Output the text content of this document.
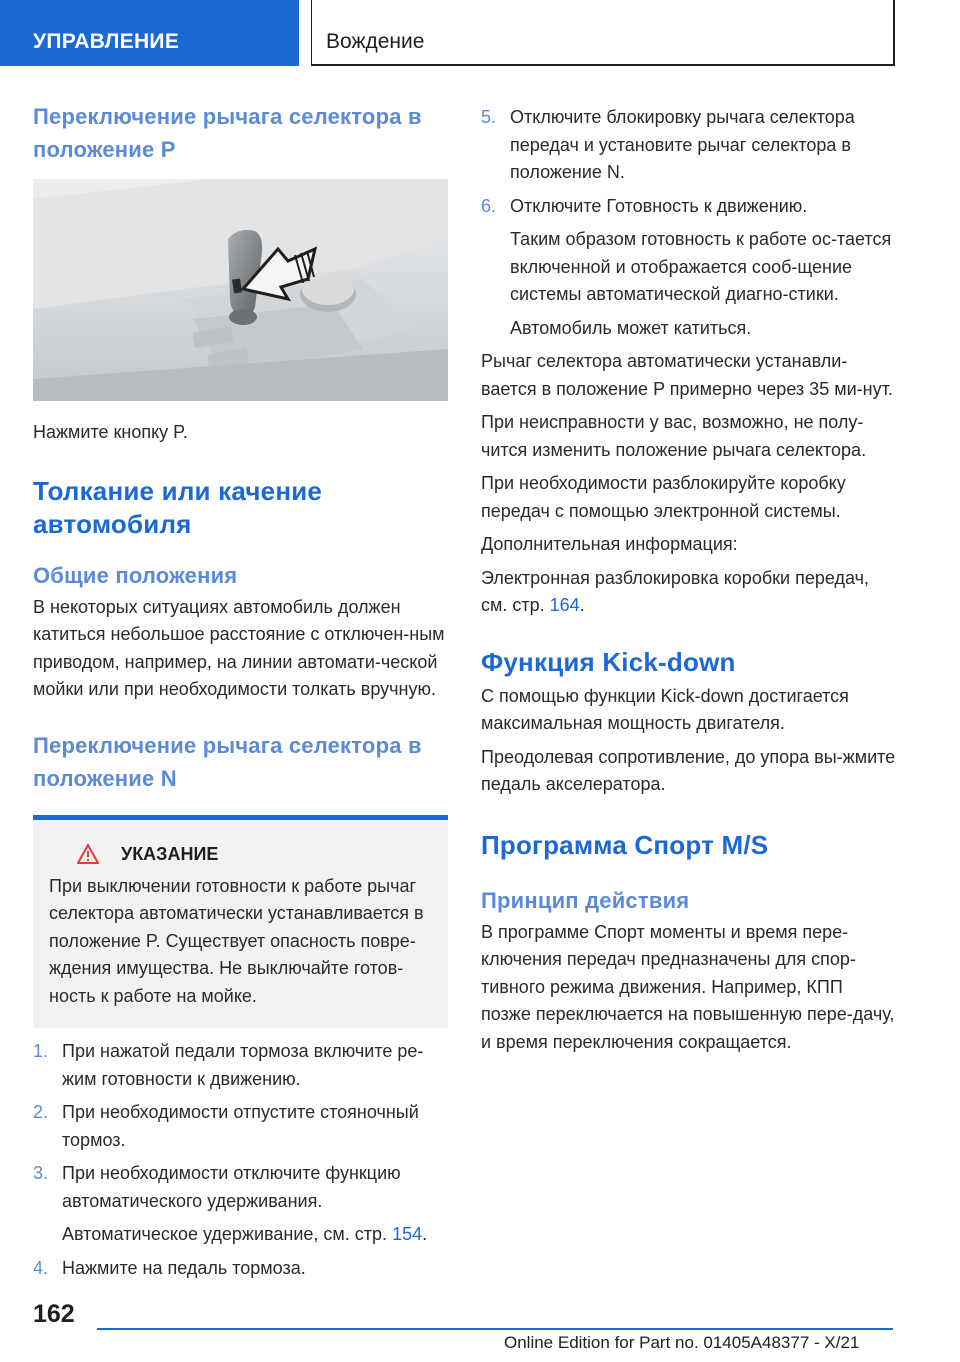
УПРАВЛЕНИЕ	Вождение
Переключение рычага селектора в положение P
Нажмите кнопку P.
Толкание или качение автомобиля
Общие положения
В некоторых ситуациях автомобиль должен катиться небольшое расстояние с отключен-ным приводом, например, на линии автомати-ческой мойки или при необходимости толкать вручную.
Переключение рычага селектора в положение N
УКАЗАНИЕ
При выключении готовности к работе рычаг селектора автоматически устанавливается в положение P. Существует опасность повре-ждения имущества. Не выключайте готов-ность к работе на мойке.
1. При нажатой педали тормоза включите ре-жим готовности к движению.
2. При необходимости отпустите стояночный тормоз.
3. При необходимости отключите функцию автоматического удерживания.
Автоматическое удерживание, см. стр. 154.
4. Нажмите на педаль тормоза.
5. Отключите блокировку рычага селектора передач и установите рычаг селектора в положение N.
6. Отключите Готовность к движению.
Таким образом готовность к работе ос-тается включенной и отображается сооб-щение системы автоматической диагно-стики.
Автомобиль может катиться.
Рычаг селектора автоматически устанавли-вается в положение P примерно через 35 ми-нут.
При неисправности у вас, возможно, не полу-чится изменить положение рычага селектора.
При необходимости разблокируйте коробку передач с помощью электронной системы.
Дополнительная информация:
Электронная разблокировка коробки передач, см. стр. 164.
Функция Kick-down
С помощью функции Kick-down достигается максимальная мощность двигателя.
Преодолевая сопротивление, до упора вы-жмите педаль акселератора.
Программа Спорт M/S
Принцип действия
В программе Спорт моменты и время пере-ключения передач предназначены для спор-тивного режима движения. Например, КПП позже переключается на повышенную пере-дачу, и время переключения сокращается.
162
Online Edition for Part no. 01405A48377 - X/21
